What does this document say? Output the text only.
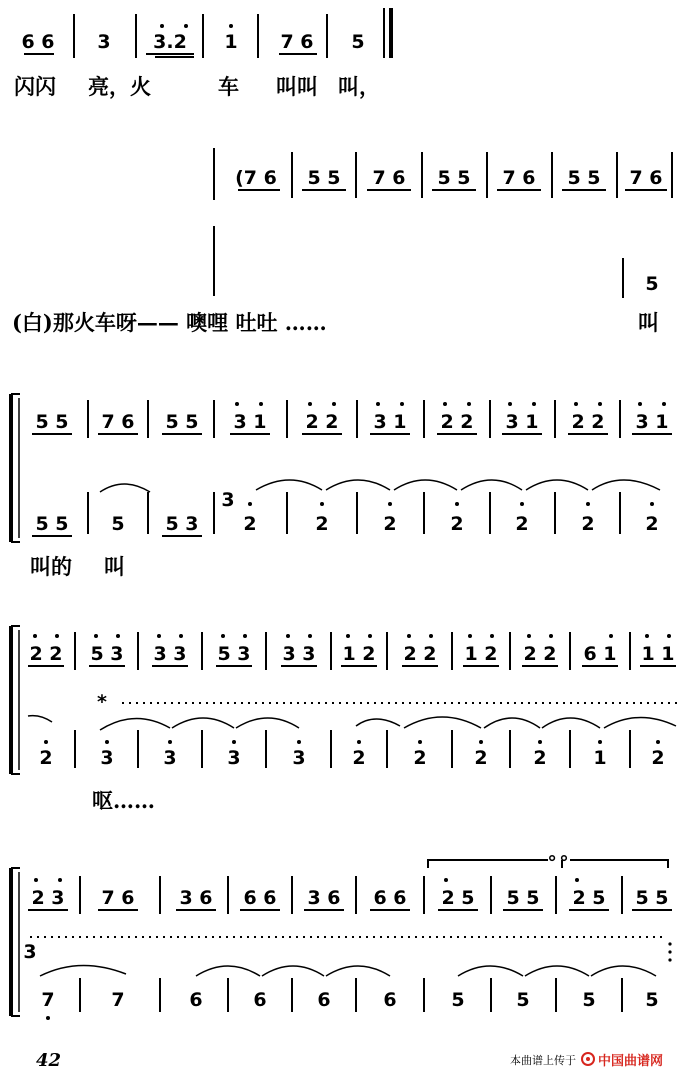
6 6 3 3.2 1 7 6 5
闪闪 亮，火	车 叫叫 叫，
(7 6 5 5 7 6 5 5 7 6 5 5 7 6
5
(白)那火车呀—— 噢哩 吐吐 ……	叫
5 5 7 6 5 5 3 1 2 2 3 1 2 2 3 1 2 2 3 1
5 5 5 5 3 2	2	2	2	2	2	2
3
叫的 叫
2 2 5 3 3 3 5 3 3 3 1 2 2 2 1 2 2 2 6 1 1 1
*
2	3	3	3	3 2	2	2 2 1 2
呕……
∘∘
2 3 7 6 3 6 6 6 3 6 6 6 2 5 5 5 2 5 5 5
3
7	7	6	6	6	6	5	5	5	5
42	本曲谱上传于 中国曲谱网
